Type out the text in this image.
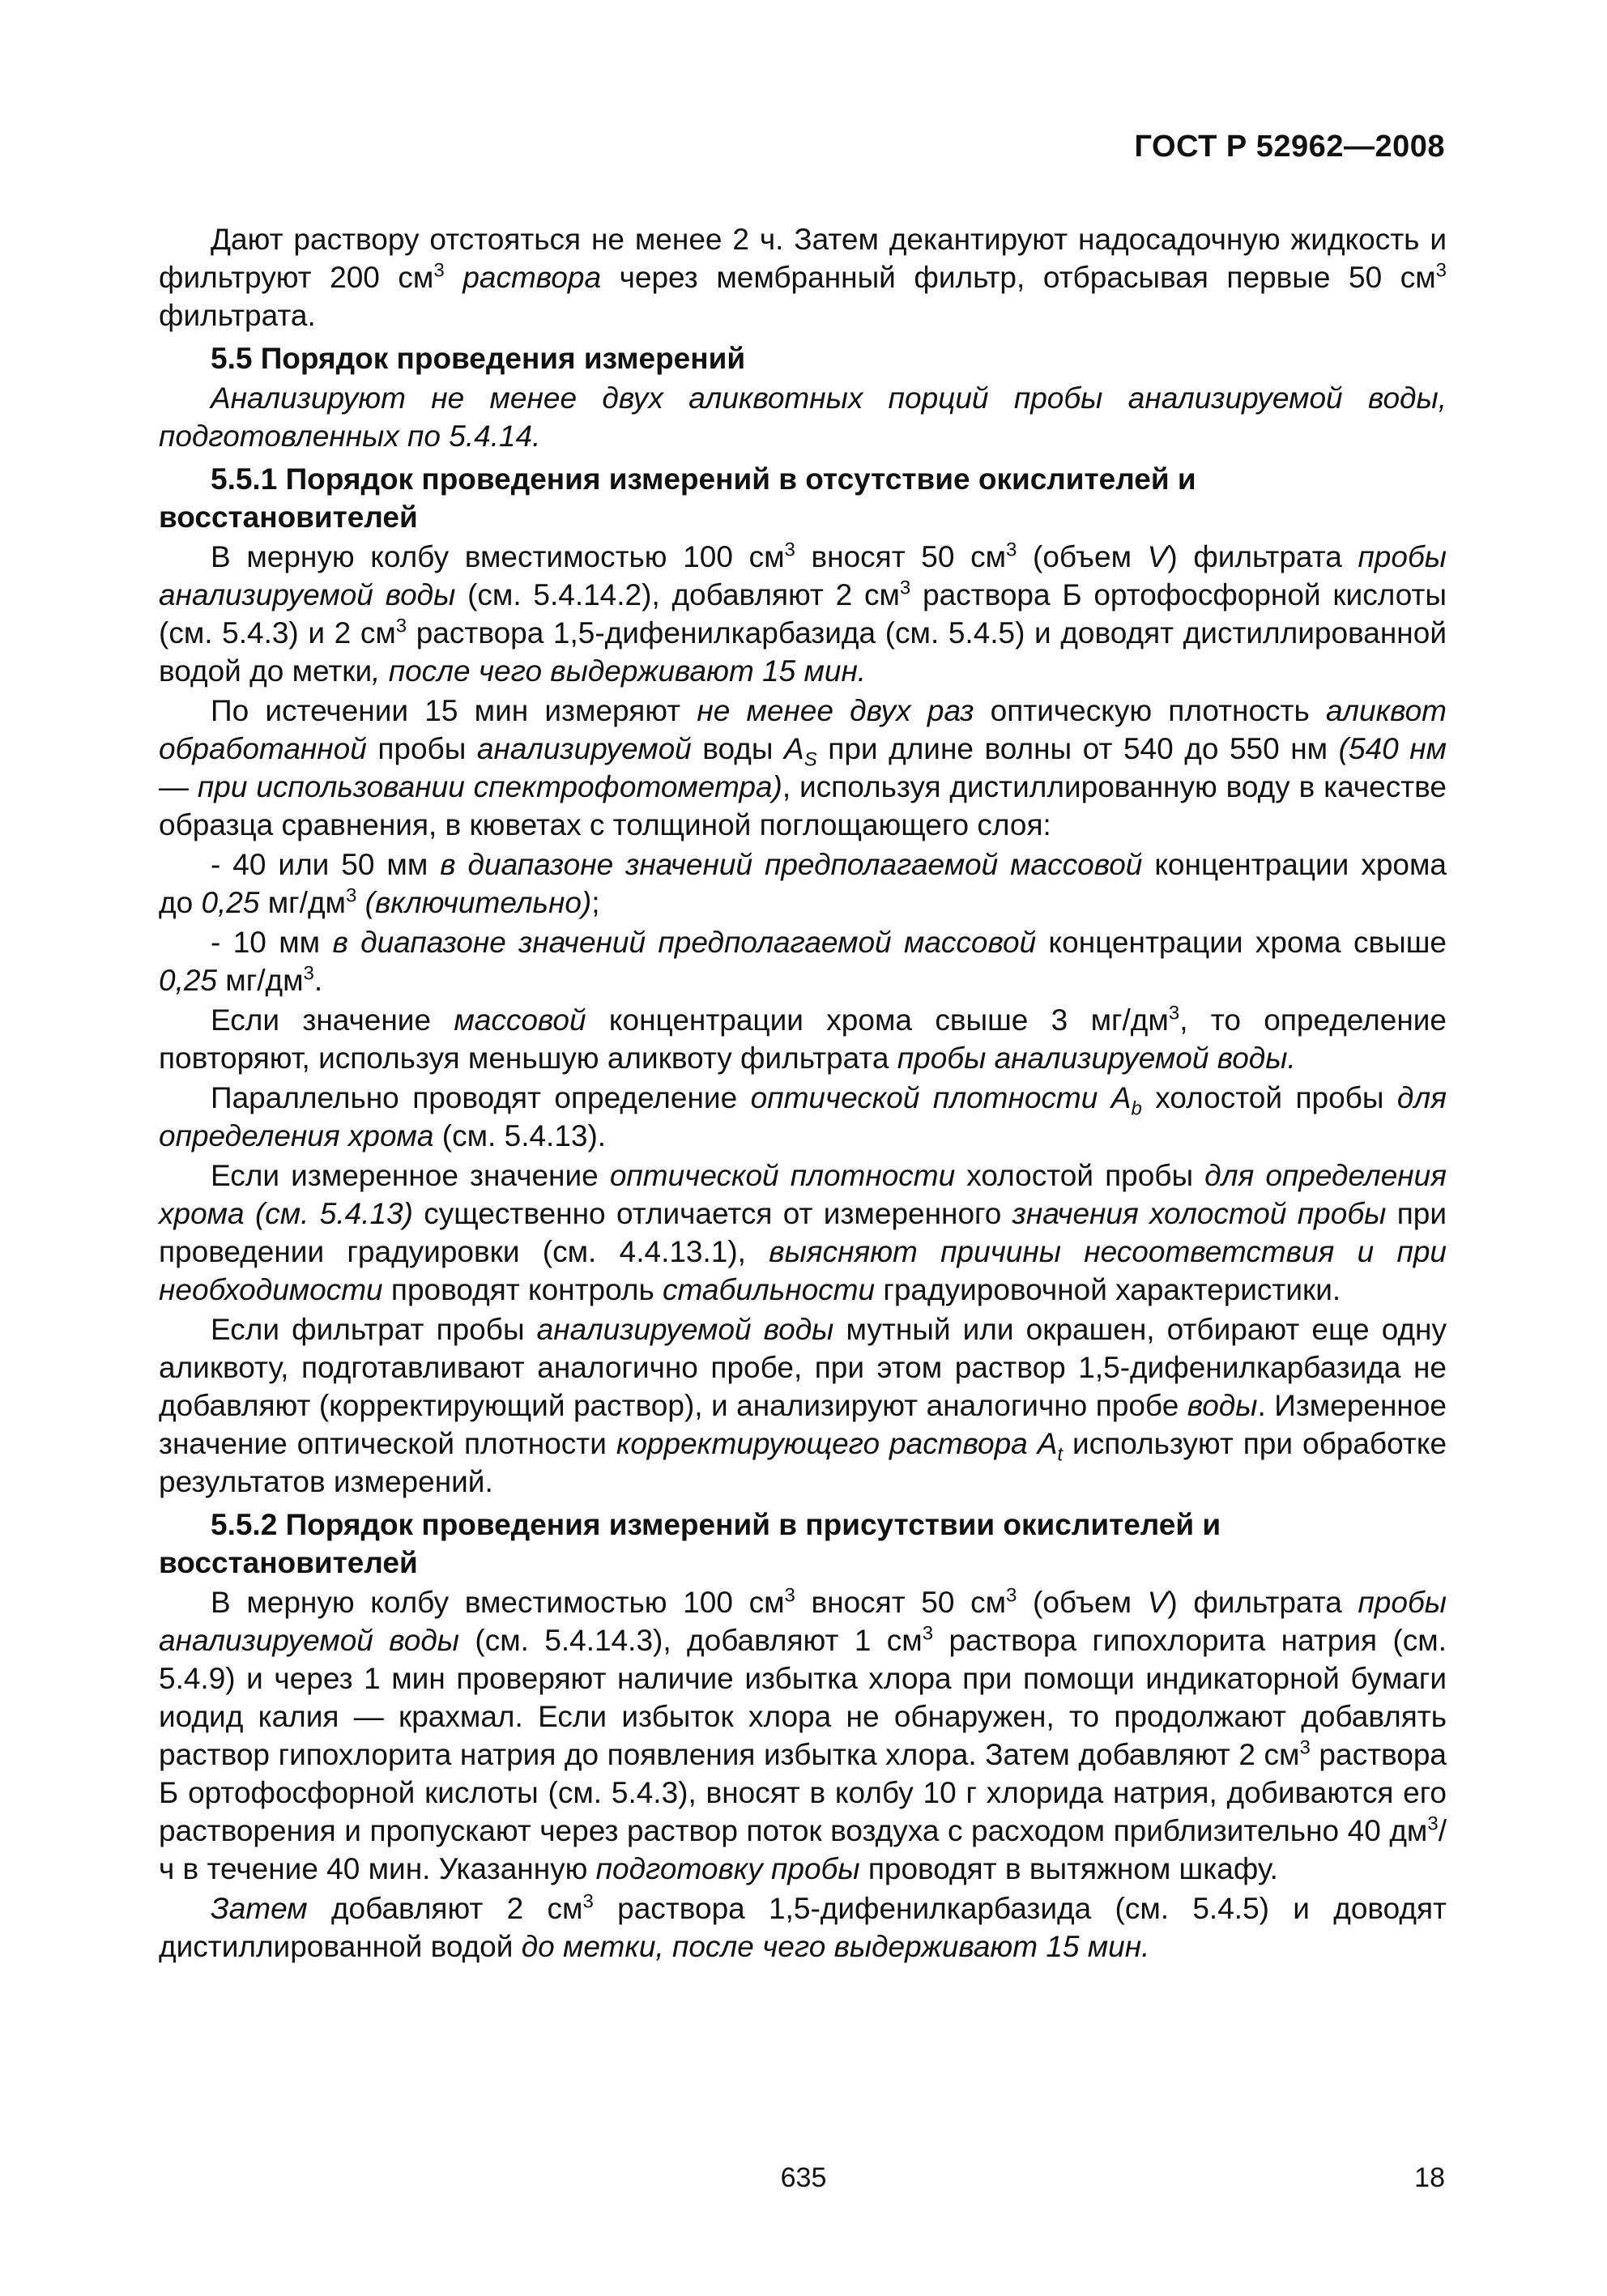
ГОСТ Р 52962—2008

Дают раствору отстояться не менее 2 ч. Затем декантируют надосадочную жидкость и фильтруют 200 $см^3$ раствора через мембранный фильтр, отбрасывая первые 50 $см^3$ фильтрата.

5.5 Порядок проведения измерений

Анализируют не менее двух аликвотных порций пробы анализируемой воды, подготовленных по 5.4.14.

5.5.1 Порядок проведения измерений в отсутствие окислителей и восстановителей

В мерную колбу вместимостью 100 $см^3$ вносят 50 $см^3$ (объем V) фильтрата пробы анализируемой воды (см. 5.4.14.2), добавляют 2 $см^3$ раствора Б ортофосфорной кислоты (см. 5.4.3) и 2 $см^3$ раствора 1,5-дифенилкарбазида (см. 5.4.5) и доводят дистиллированной водой до метки, после чего выдерживают 15 мин.

По истечении 15 мин измеряют не менее двух раз оптическую плотность аликвот обработанной пробы анализируемой воды $A_S$ при длине волны от 540 до 550 нм (540 нм — при использовании спектрофотометра), используя дистиллированную воду в качестве образца сравнения, в кюветах с толщиной поглощающего слоя:

- 40 или 50 мм в диапазоне значений предполагаемой массовой концентрации хрома до 0,25 $мг/дм^3$ (включительно);

- 10 мм в диапазоне значений предполагаемой массовой концентрации хрома свыше 0,25 $мг/дм^3$.

Если значение массовой концентрации хрома свыше 3 $мг/дм^3$, то определение повторяют, используя меньшую аликвоту фильтрата пробы анализируемой воды.

Параллельно проводят определение оптической плотности $A_b$ холостой пробы для определения хрома (см. 5.4.13).

Если измеренное значение оптической плотности холостой пробы для определения хрома (см. 5.4.13) существенно отличается от измеренного значения холостой пробы при проведении градуировки (см. 4.4.13.1), выясняют причины несоответствия и при необходимости проводят контроль стабильности градуировочной характеристики.

Если фильтрат пробы анализируемой воды мутный или окрашен, отбирают еще одну аликвоту, подготавливают аналогично пробе, при этом раствор 1,5-дифенилкарбазида не добавляют (корректирующий раствор), и анализируют аналогично пробе воды. Измеренное значение оптической плотности корректирующего раствора $A_t$ используют при обработке результатов измерений.

5.5.2 Порядок проведения измерений в присутствии окислителей и восстановителей

В мерную колбу вместимостью 100 $см^3$ вносят 50 $см^3$ (объем V) фильтрата пробы анализируемой воды (см. 5.4.14.3), добавляют 1 $см^3$ раствора гипохлорита натрия (см. 5.4.9) и через 1 мин проверяют наличие избытка хлора при помощи индикаторной бумаги иодид калия — крахмал. Если избыток хлора не обнаружен, то продолжают добавлять раствор гипохлорита натрия до появления избытка хлора. Затем добавляют 2 $см^3$ раствора Б ортофосфорной кислоты (см. 5.4.3), вносят в колбу 10 г хлорида натрия, добиваются его растворения и пропускают через раствор поток воздуха с расходом приблизительно 40 $дм^3/ч$ в течение 40 мин. Указанную подготовку пробы проводят в вытяжном шкафу.

Затем добавляют 2 $см^3$ раствора 1,5-дифенилкарбазида (см. 5.4.5) и доводят дистиллированной водой до метки, после чего выдерживают 15 мин.

635	18
